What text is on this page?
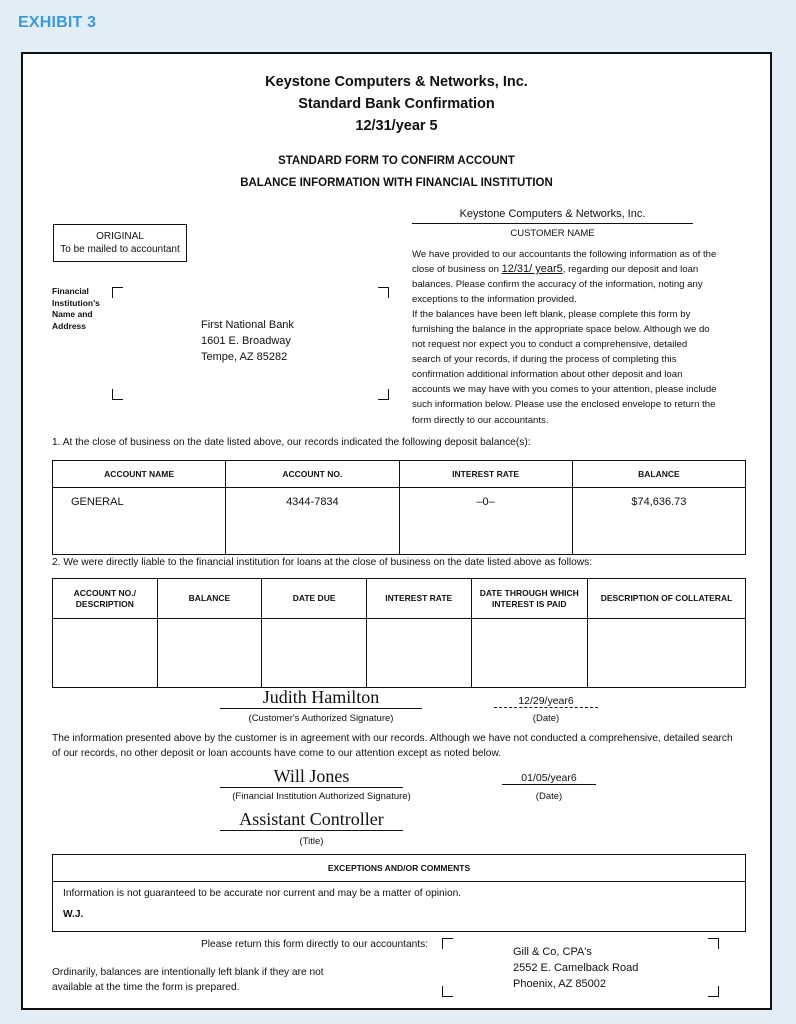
EXHIBIT 3
Keystone Computers & Networks, Inc.
Standard Bank Confirmation
12/31/year 5
STANDARD FORM TO CONFIRM ACCOUNT
BALANCE INFORMATION WITH FINANCIAL INSTITUTION
ORIGINAL
To be mailed to accountant
Financial
Institution's
Name and
Address	First National Bank
1601 E. Broadway
Tempe, AZ 85282
Keystone Computers & Networks, Inc.
CUSTOMER NAME
We have provided to our accountants the following information as of the close of business on 12/31/ year5, regarding our deposit and loan balances. Please confirm the accuracy of the information, noting any exceptions to the information provided.
If the balances have been left blank, please complete this form by furnishing the balance in the appropriate space below. Although we do not request nor expect you to conduct a comprehensive, detailed search of your records, if during the process of completing this confirmation additional information about other deposit and loan accounts we may have with you comes to your attention, please include such information below. Please use the enclosed envelope to return the form directly to our accountants.
1. At the close of business on the date listed above, our records indicated the following deposit balance(s):
ACCOUNT NAME	ACCOUNT NO.	INTEREST RATE	BALANCE
GENERAL	4344-7834	–0–	$74,636.73
2. We were directly liable to the financial institution for loans at the close of business on the date listed above as follows:
ACCOUNT NO./
DESCRIPTION	BALANCE	DATE DUE	INTEREST RATE	DATE THROUGH WHICH
INTEREST IS PAID	DESCRIPTION OF COLLATERAL

Judith Hamilton
(Customer's Authorized Signature)
12/29/year6
(Date)
The information presented above by the customer is in agreement with our records. Although we have not conducted a comprehensive, detailed search of our records, no other deposit or loan accounts have come to our attention except as noted below.
Will Jones
(Financial Institution Authorized Signature)
01/05/year6
(Date)
Assistant Controller
(Title)
EXCEPTIONS AND/OR COMMENTS
Information is not guaranteed to be accurate nor current and may be a matter of opinion.
W.J.
Please return this form directly to our accountants:
Ordinarily, balances are intentionally left blank if they are not
available at the time the form is prepared.
Gill & Co, CPA's
2552 E. Camelback Road
Phoenix, AZ 85002
